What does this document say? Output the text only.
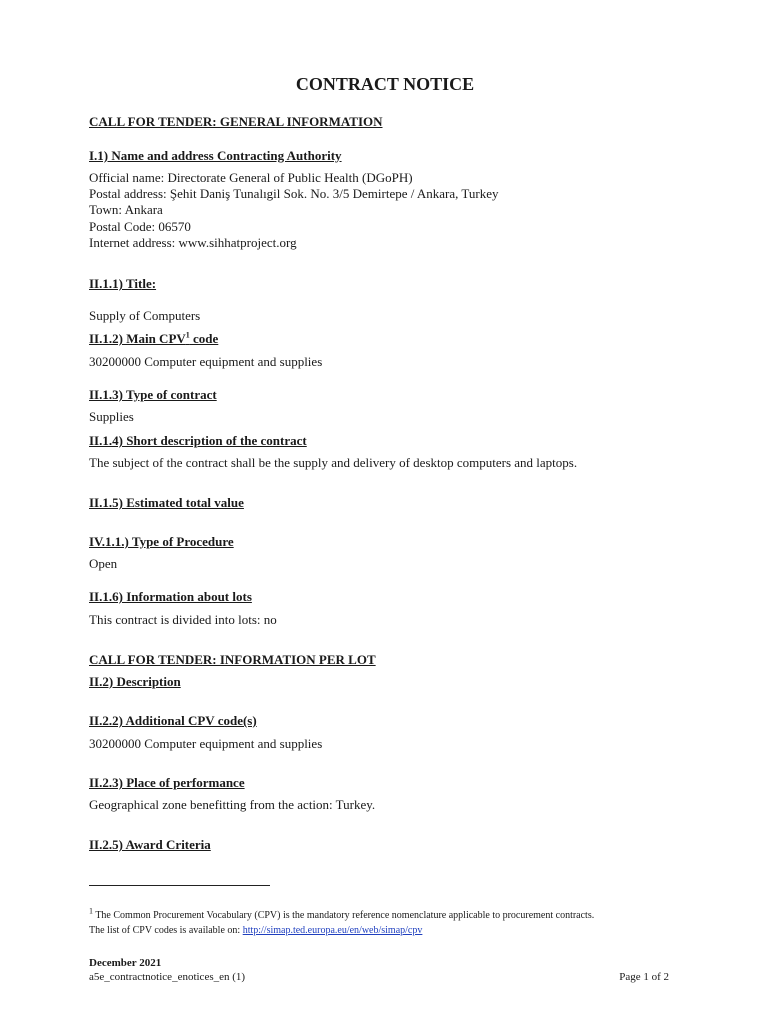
CONTRACT NOTICE
CALL FOR TENDER: GENERAL INFORMATION
I.1) Name and address Contracting Authority
Official name: Directorate General of Public Health (DGoPH)
Postal address: Şehit Daniş Tunalıgil Sok. No. 3/5 Demirtepe / Ankara, Turkey
Town: Ankara
Postal Code: 06570
Internet address: www.sihhatproject.org
II.1.1) Title:
Supply of Computers
II.1.2) Main CPV$^1$ code
30200000 Computer equipment and supplies
II.1.3) Type of contract
Supplies
II.1.4) Short description of the contract
The subject of the contract shall be the supply and delivery of desktop computers and laptops.
II.1.5) Estimated total value
IV.1.1.) Type of Procedure
Open
II.1.6) Information about lots
This contract is divided into lots: no
CALL FOR TENDER: INFORMATION PER LOT
II.2) Description
II.2.2) Additional CPV code(s)
30200000 Computer equipment and supplies
II.2.3) Place of performance
Geographical zone benefitting from the action: Turkey.
II.2.5) Award Criteria
$^1$ The Common Procurement Vocabulary (CPV) is the mandatory reference nomenclature applicable to procurement contracts.
The list of CPV codes is available on: http://simap.ted.europa.eu/en/web/simap/cpv
December 2021
a5e_contractnotice_enotices_en (1)	Page 1 of 2
